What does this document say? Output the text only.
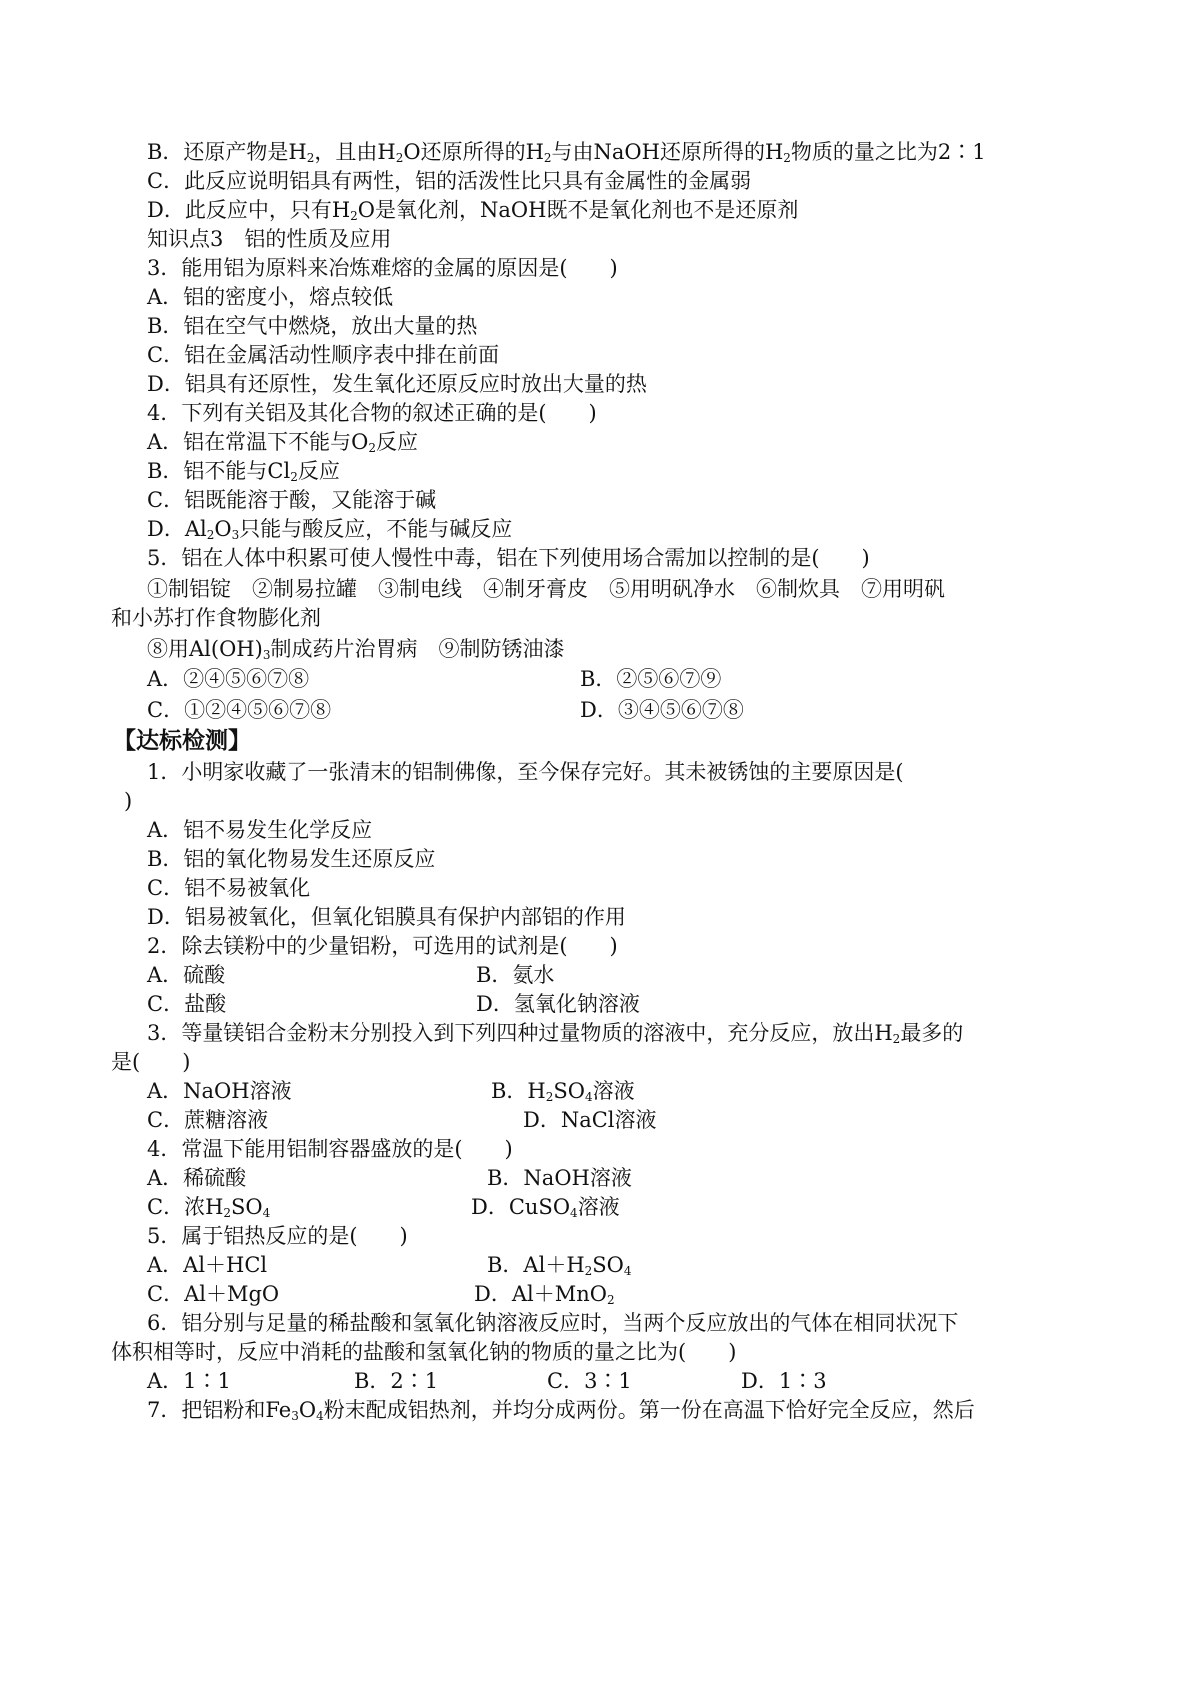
B．还原产物是$H_2$，且由$H_2O$还原所得的$H_2$与由NaOH还原所得的$H_2$物质的量之比为2∶1
C．此反应说明铝具有两性，铝的活泼性比只具有金属性的金属弱
D．此反应中，只有$H_2O$是氧化剂，NaOH既不是氧化剂也不是还原剂
知识点3　铝的性质及应用
3．能用铝为原料来冶炼难熔的金属的原因是(　　)
A．铝的密度小，熔点较低
B．铝在空气中燃烧，放出大量的热
C．铝在金属活动性顺序表中排在前面
D．铝具有还原性，发生氧化还原反应时放出大量的热
4．下列有关铝及其化合物的叙述正确的是(　　)
A．铝在常温下不能与$O_2$反应
B．铝不能与$Cl_2$反应
C．铝既能溶于酸，又能溶于碱
D．$Al_2O_3$只能与酸反应，不能与碱反应
5．铝在人体中积累可使人慢性中毒，铝在下列使用场合需加以控制的是(　　)
①制铝锭　②制易拉罐　③制电线　④制牙膏皮　⑤用明矾净水　⑥制炊具　⑦用明矾
和小苏打作食物膨化剂
⑧用$Al(OH)_3$制成药片治胃病　⑨制防锈油漆
A．②④⑤⑥⑦⑧	B．②⑤⑥⑦⑨
C．①②④⑤⑥⑦⑧	D．③④⑤⑥⑦⑧
【达标检测】
1．小明家收藏了一张清末的铝制佛像，至今保存完好。其未被锈蚀的主要原因是(
)
A．铝不易发生化学反应
B．铝的氧化物易发生还原反应
C．铝不易被氧化
D．铝易被氧化，但氧化铝膜具有保护内部铝的作用
2．除去镁粉中的少量铝粉，可选用的试剂是(　　)
A．硫酸	B．氨水
C．盐酸	D．氢氧化钠溶液
3．等量镁铝合金粉末分别投入到下列四种过量物质的溶液中，充分反应，放出$H_2$最多的
是(　　)
A．NaOH溶液	B．$H_2SO_4$溶液
C．蔗糖溶液	D．NaCl溶液
4．常温下能用铝制容器盛放的是(　　)
A．稀硫酸	B．NaOH溶液
C．浓$H_2SO_4$	D．CuSO$_4$溶液
5．属于铝热反应的是(　　)
A．Al＋HCl	B．$Al+H_2SO_4$
C．Al＋MgO	D．Al＋MnO$_2$
6．铝分别与足量的稀盐酸和氢氧化钠溶液反应时，当两个反应放出的气体在相同状况下
体积相等时，反应中消耗的盐酸和氢氧化钠的物质的量之比为(　　)
A．1∶1	B．2∶1	C．3∶1	D．1∶3
7．把铝粉和$Fe_3O_4$粉末配成铝热剂，并均分成两份。第一份在高温下恰好完全反应，然后
